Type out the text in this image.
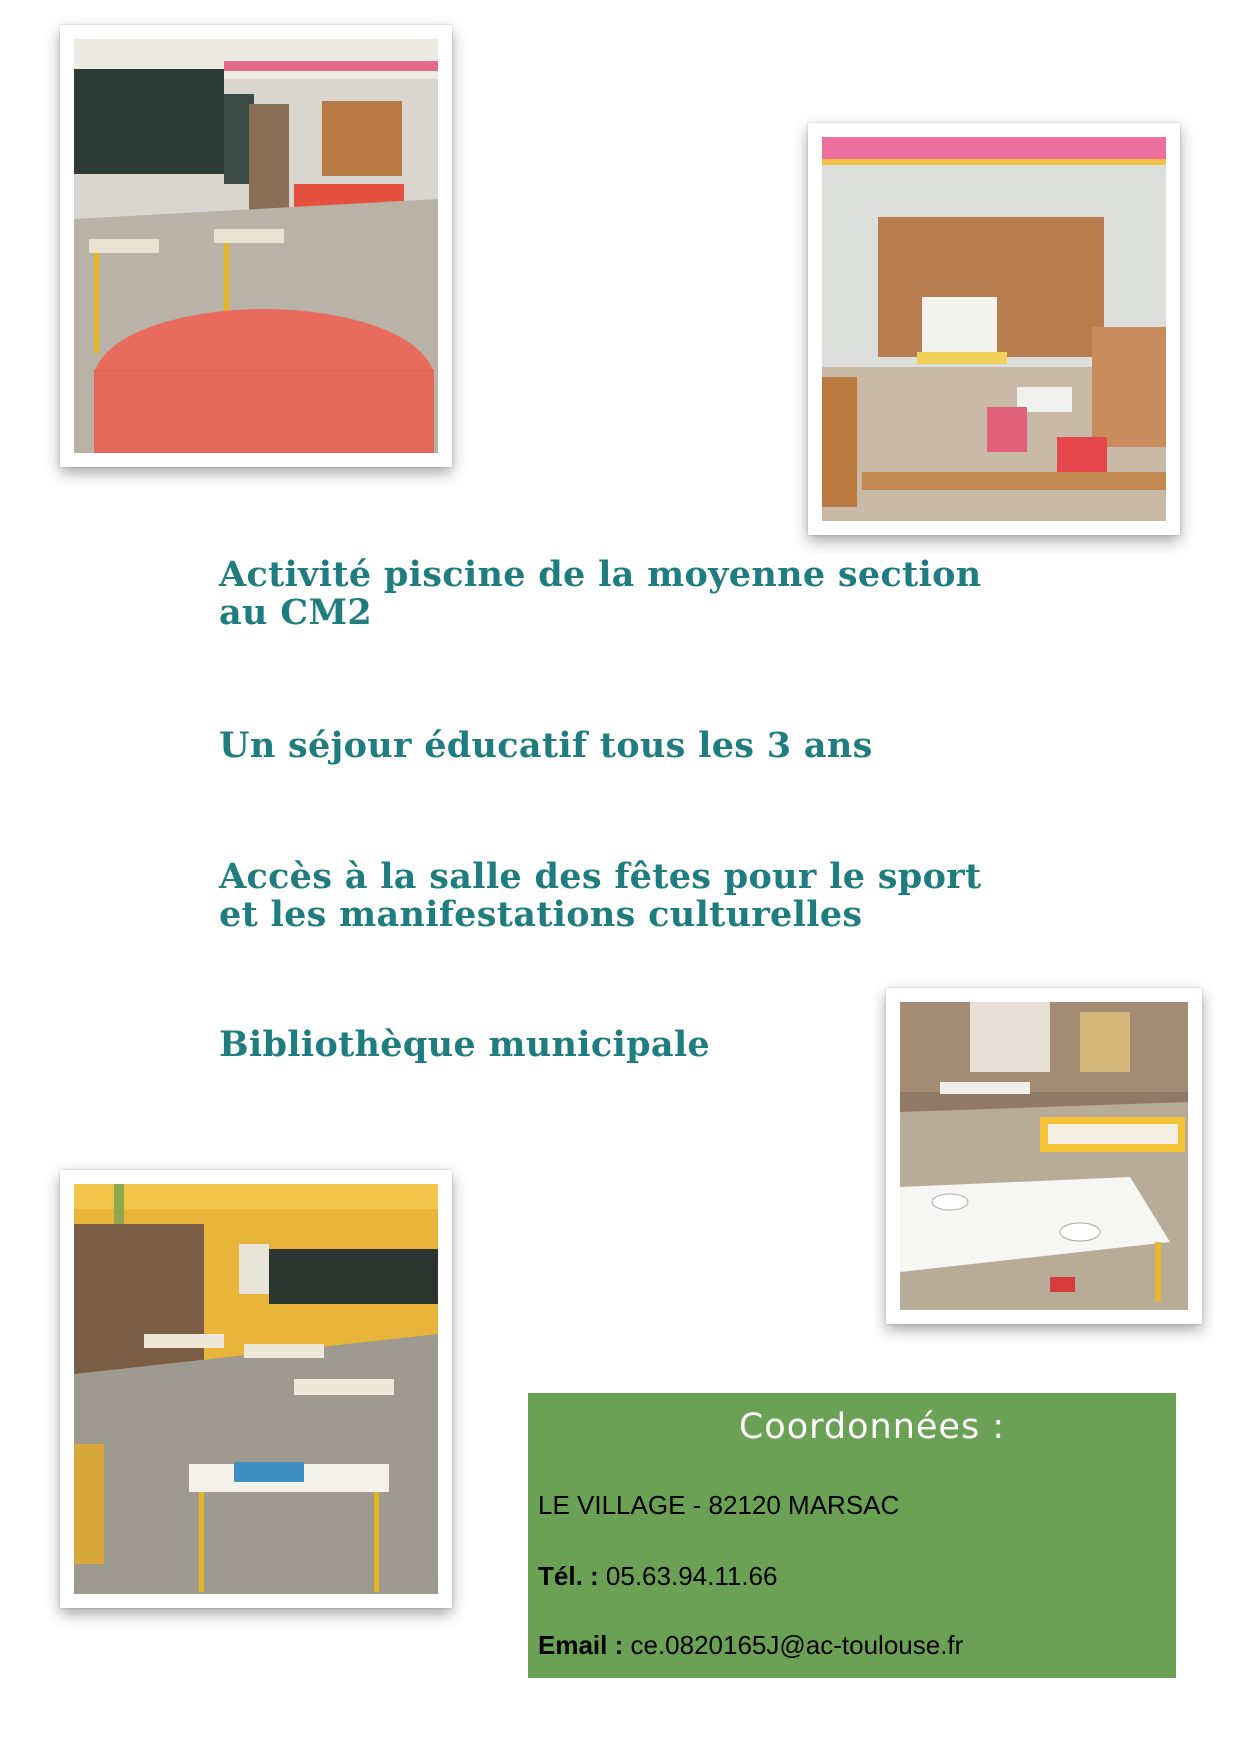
Activité piscine de la moyenne section
au CM2
Un séjour éducatif tous les 3 ans
Accès à la salle des fêtes pour le sport
et les manifestations culturelles
Bibliothèque municipale
Coordonnées :
LE VILLAGE - 82120 MARSAC
Tél. : 05.63.94.11.66
Email : ce.0820165J@ac-toulouse.fr
